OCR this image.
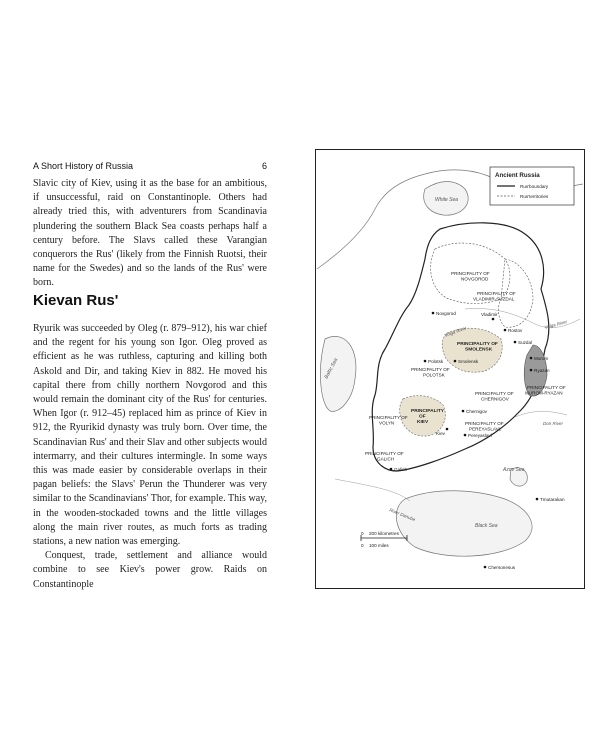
A Short History of Russia	6

Slavic city of Kiev, using it as the base for an ambitious, if unsuccessful, raid on Constantinople. Others had already tried this, with adventurers from Scandinavia plundering the southern Black Sea coasts perhaps half a century before. The Slavs called these Varangian conquerors the Rus' (likely from the Finnish Ruotsi, their name for the Swedes) and so the lands of the Rus' were born.

Kievan Rus'

Ryurik was succeeded by Oleg (r. 879–912), his war chief and the regent for his young son Igor. Oleg proved as efficient as he was ruthless, capturing and killing both Askold and Dir, and taking Kiev in 882. He moved his capital there from chilly northern Novgorod and this would remain the dominant city of the Rus' for centuries. When Igor (r. 912–45) replaced him as prince of Kiev in 912, the Ryurikid dynasty was truly born. Over time, the Scandinavian Rus' and their Slav and other subjects would intermarry, and their cultures intermingle. In some ways this was made easier by considerable overlaps in their pagan beliefs: the Slavs' Perun the Thunderer was very similar to the Scandinavians' Thor, for example. This way, in the wooden-stockaded towns and the little villages along the main river routes, as much forts as trading stations, a new nation was emerging.

Conquest, trade, settlement and alliance would combine to see Kiev's power grow. Raids on Constantinople

Ancient Russia
Rus'boundary
Rus'territories
White Sea
Baltic Sea
Azov Sea
Black Sea
Volga River
Volga River
Don River
River Danube
PRINCIPALITY OF NOVGOROD
PRINCIPALITY OF VLADIMIR-SUZDAL
PRINCIPALITY OF SMOLENSK
PRINCIPALITY OF POLOTSK
PRINCIPALITY OF CHERNIGOV
PRINCIPALITY OF MUROM-RYAZAN
PRINCIPALITY OF VOLYN
PRINCIPALITY OF KIEV	PRINCIPALITY OF PEREYASLAVL
PRINCIPALITY OF GALICH
Novgorod	Vladimir
Rostov
Suzdal
Murom
Ryazan
Polotsk	Smolensk
Chernigov
Kiev	Pereyaslavl
Galich
Tmutarakan
Chersonesus
0 200 kilometres
0 100 miles
